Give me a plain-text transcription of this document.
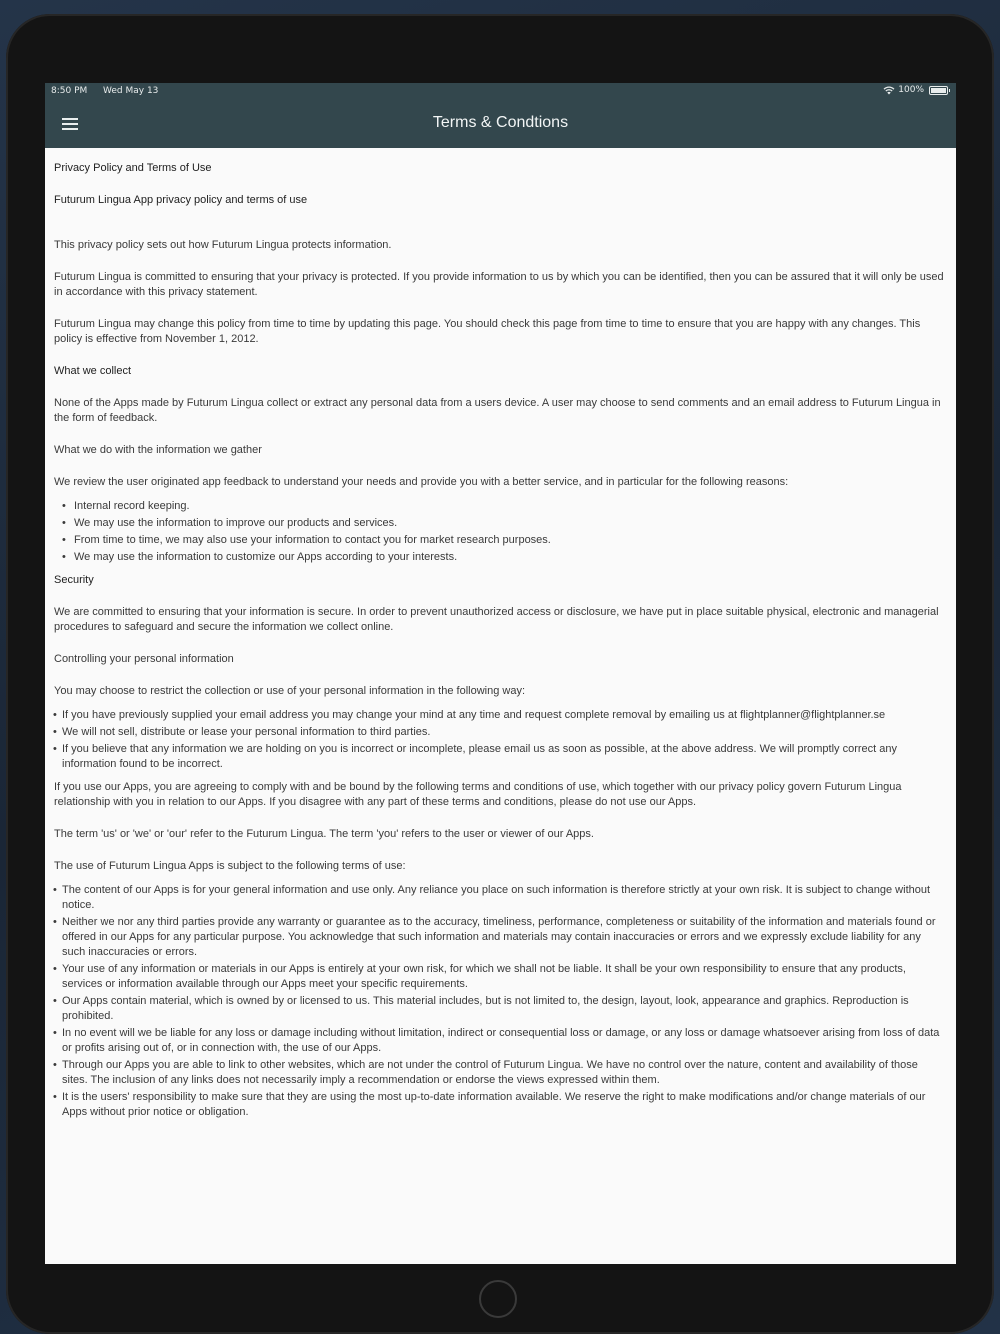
8:50 PM Wed May 13	100%
Terms & Condtions

Privacy Policy and Terms of Use

Futurum Lingua App privacy policy and terms of use

This privacy policy sets out how Futurum Lingua protects information.

Futurum Lingua is committed to ensuring that your privacy is protected. If you provide information to us by which you can be identified, then you can be assured that it will only be used in accordance with this privacy statement.

Futurum Lingua may change this policy from time to time by updating this page. You should check this page from time to time to ensure that you are happy with any changes. This policy is effective from November 1, 2012.

What we collect

None of the Apps made by Futurum Lingua collect or extract any personal data from a users device. A user may choose to send comments and an email address to Futurum Lingua in the form of feedback.

What we do with the information we gather

We review the user originated app feedback to understand your needs and provide you with a better service, and in particular for the following reasons:

• Internal record keeping.
• We may use the information to improve our products and services.
• From time to time, we may also use your information to contact you for market research purposes.
• We may use the information to customize our Apps according to your interests.

Security

We are committed to ensuring that your information is secure. In order to prevent unauthorized access or disclosure, we have put in place suitable physical, electronic and managerial procedures to safeguard and secure the information we collect online.

Controlling your personal information

You may choose to restrict the collection or use of your personal information in the following way:

• If you have previously supplied your email address you may change your mind at any time and request complete removal by emailing us at flightplanner@flightplanner.se
• We will not sell, distribute or lease your personal information to third parties.
• If you believe that any information we are holding on you is incorrect or incomplete, please email us as soon as possible, at the above address. We will promptly correct any information found to be incorrect.

If you use our Apps, you are agreeing to comply with and be bound by the following terms and conditions of use, which together with our privacy policy govern Futurum Lingua relationship with you in relation to our Apps. If you disagree with any part of these terms and conditions, please do not use our Apps.

The term 'us' or 'we' or 'our' refer to the Futurum Lingua. The term 'you' refers to the user or viewer of our Apps.

The use of Futurum Lingua Apps is subject to the following terms of use:

• The content of our Apps is for your general information and use only. Any reliance you place on such information is therefore strictly at your own risk. It is subject to change without notice.
• Neither we nor any third parties provide any warranty or guarantee as to the accuracy, timeliness, performance, completeness or suitability of the information and materials found or offered in our Apps for any particular purpose. You acknowledge that such information and materials may contain inaccuracies or errors and we expressly exclude liability for any such inaccuracies or errors.
• Your use of any information or materials in our Apps is entirely at your own risk, for which we shall not be liable. It shall be your own responsibility to ensure that any products, services or information available through our Apps meet your specific requirements.
• Our Apps contain material, which is owned by or licensed to us. This material includes, but is not limited to, the design, layout, look, appearance and graphics. Reproduction is prohibited.
• In no event will we be liable for any loss or damage including without limitation, indirect or consequential loss or damage, or any loss or damage whatsoever arising from loss of data or profits arising out of, or in connection with, the use of our Apps.
• Through our Apps you are able to link to other websites, which are not under the control of Futurum Lingua. We have no control over the nature, content and availability of those sites. The inclusion of any links does not necessarily imply a recommendation or endorse the views expressed within them.
• It is the users' responsibility to make sure that they are using the most up-to-date information available. We reserve the right to make modifications and/or change materials of our Apps without prior notice or obligation.
